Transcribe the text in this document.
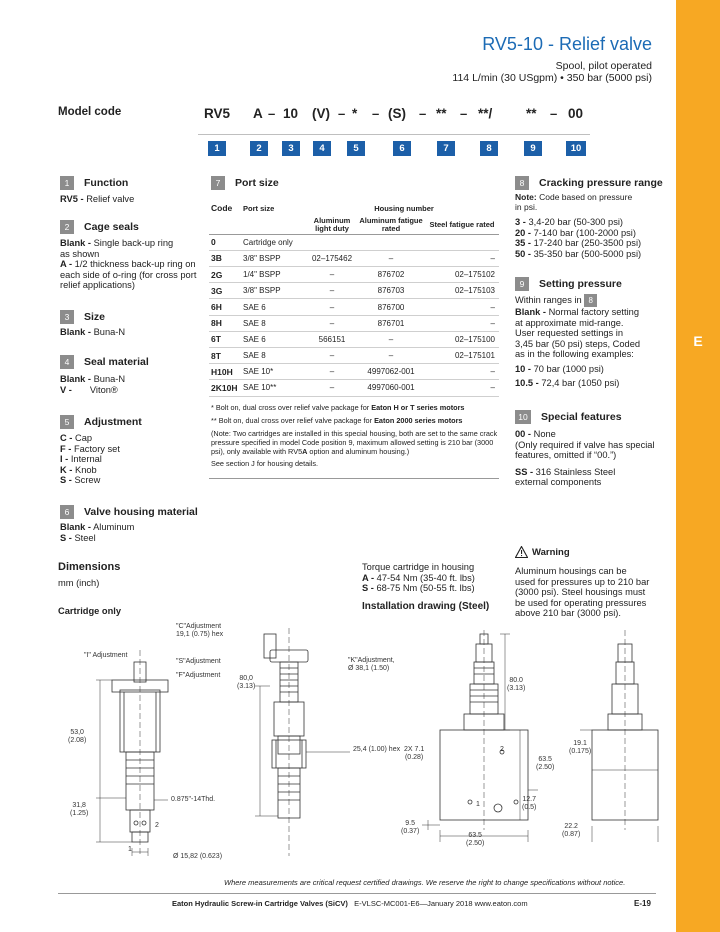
E
RV5-10 - Relief valve
Spool, pilot operated
114 L/min (30 USgpm) • 350 bar (5000 psi)
Model code	RV5 A – 10 (V) – * – (S) – ** – **/ ** – 00
1	2	3	4	5	6	7	8	9	10
1	Function
RV5 - Relief valve
2	Cage seals
Blank - Single back-up ring
as shown
A - 1/2 thickness back-up ring on
each side of o-ring (for cross port
relief applications)
3	Size
Blank - Buna-N
4	Seal material
Blank - Buna-N
V - Viton®
5	Adjustment
C - Cap
F - Factory set
I - Internal
K - Knob
S - Screw
6	Valve housing material
Blank - Aluminum
S - Steel
7	Port size
Code	Port size	Housing number		
		Aluminum light duty	Aluminum fatigue rated	Steel fatigue rated
0	Cartridge only			
3B	3/8" BSPP	02–175462	–	–
2G	1/4" BSPP	–	876702	02–175102
3G	3/8" BSPP	–	876703	02–175103
6H	SAE 6	–	876700	–
8H	SAE 8	–	876701	–
6T	SAE 6	566151	–	02–175100
8T	SAE 8	–	–	02–175101
H10H	SAE 10*	–	4997062-001	–
2K10H	SAE 10**	–	4997060-001	–
* Bolt on, dual cross over relief valve package for Eaton H or T series motors
** Bolt on, dual cross over relief valve package for Eaton 2000 series motors
(Note: Two cartridges are installed in this special housing, both are set to the same crack
pressure specified in model Code position 9, maximum allowed setting is 210 bar (3000
psi), only available with RV5A option and aluminum housing.)
See section J for housing details.
8	Cracking pressure range
Note: Code based on pressure
in psi.
3 - 3,4-20 bar (50-300 psi)
20 - 7-140 bar (100-2000 psi)
35 - 17-240 bar (250-3500 psi)
50 - 35-350 bar (500-5000 psi)
9	Setting pressure
Within ranges in 8
Blank - Normal factory setting
at approximate mid-range.
User requested settings in
3,45 bar (50 psi) steps, Coded
as in the following examples:
10 - 70 bar (1000 psi)
10.5 - 72,4 bar (1050 psi)
10	Special features
00 - None
(Only required if valve has special
features, omitted if “00.”)
SS - 316 Stainless Steel
external components
Warning
Aluminum housings can be
used for pressures up to 210 bar
(3000 psi). Steel housings must
be used for operating pressures
above 210 bar (3000 psi).
Dimensions
mm (inch)
Cartridge only
Torque cartridge in housing
A - 47-54 Nm (35-40 ft. lbs)
S - 68-75 Nm (50-55 ft. lbs)
Installation drawing (Steel)
"C"Adjustment
19,1 (0.75) hex
"I" Adjustment
"S"Adjustment
"F"Adjustment
"K"Adjustment,
Ø 38,1 (1.50)
80,0
(3.13)
53,0
(2.08)
31,8
(1.25)
0.875"-14Thd.
2
1
Ø 15,82 (0.623)
25,4 (1.00) hex
80.0
(3.13)
2X 7.1
(0.28)
2
63.5
(2.50)
12.7
(0.5)
1
9.5
(0.37)
63.5
(2.50)
19.1
(0.175)
22.2
(0.87)
Where measurements are critical request certified drawings. We reserve the right to change specifications without notice.
Eaton Hydraulic Screw-in Cartridge Valves (SiCV) E-VLSC-MC001-E6—January 2018 www.eaton.com	E-19
